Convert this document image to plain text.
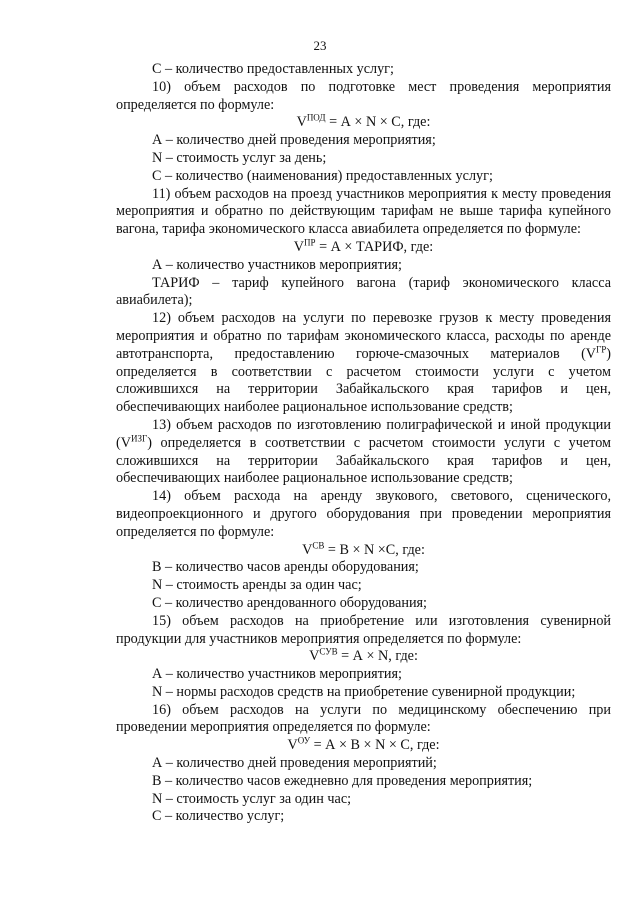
23

С – количество предоставленных услуг;

10) объем расходов по подготовке мест проведения мероприятия определяется по формуле:

$V^{ПОД} = А \times N \times С$, где:

А – количество дней проведения мероприятия;

N – стоимость услуг за день;

С – количество (наименования) предоставленных услуг;

11) объем расходов на проезд участников мероприятия к месту проведения мероприятия и обратно по действующим тарифам не выше тарифа купейного вагона, тарифа экономического класса авиабилета определяется по формуле:

$V^{ПР} = А$ × ТАРИФ, где:

А – количество участников мероприятия;

ТАРИФ – тариф купейного вагона (тариф экономического класса авиабилета);

12) объем расходов на услуги по перевозке грузов к месту проведения мероприятия и обратно по тарифам экономического класса, расходы по аренде автотранспорта, предоставлению горюче-смазочных материалов $(V^{ГР})$ определяется в соответствии с расчетом стоимости услуги с учетом сложившихся на территории Забайкальского края тарифов и цен, обеспечивающих наиболее рациональное использование средств;

13) объем расходов по изготовлению полиграфической и иной продукции $(V^{ИЗГ})$ определяется в соответствии с расчетом стоимости услуги с учетом сложившихся на территории Забайкальского края тарифов и цен, обеспечивающих наиболее рациональное использование средств;

14) объем расхода на аренду звукового, светового, сценического, видеопроекционного и другого оборудования при проведении мероприятия определяется по формуле:

$V^{СВ} = В \times N \times С$, где:

В – количество часов аренды оборудования;

N – стоимость аренды за один час;

С – количество арендованного оборудования;

15) объем расходов на приобретение или изготовления сувенирной продукции для участников мероприятия определяется по формуле:

$V^{СУВ} = А \times N$, где:

А – количество участников мероприятия;

N – нормы расходов средств на приобретение сувенирной продукции;

16) объем расходов на услуги по медицинскому обеспечению при проведении мероприятия определяется по формуле:

$V^{ОУ} = А \times В \times N \times С$, где:

А – количество дней проведения мероприятий;

В – количество часов ежедневно для проведения мероприятия;

N – стоимость услуг за один час;

С – количество услуг;
